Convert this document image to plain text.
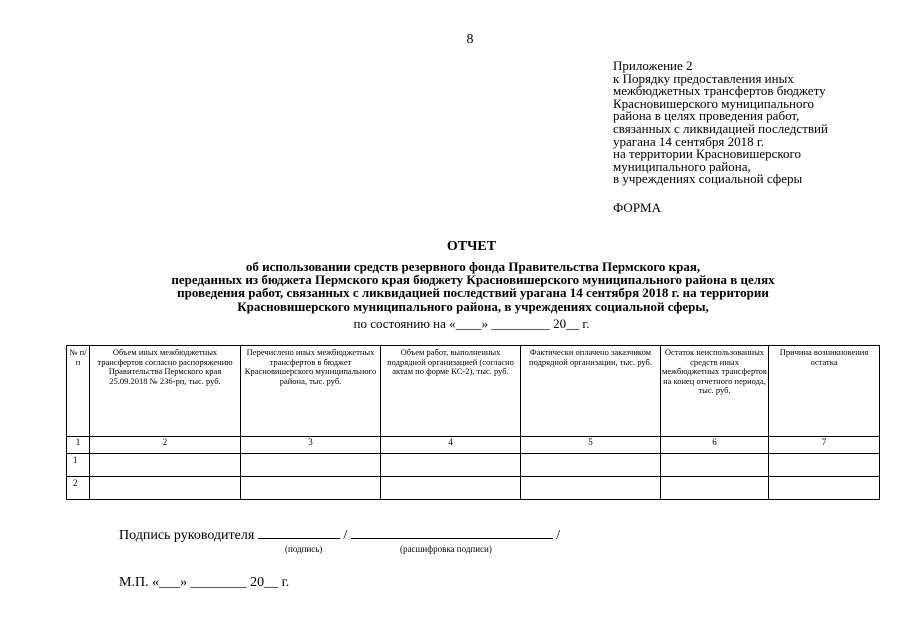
8
Приложение 2
к Порядку предоставления иных
межбюджетных трансфертов бюджету
Красновишерского муниципального
района в целях проведения работ,
связанных с ликвидацией последствий
урагана 14 сентября 2018 г.
на территории Красновишерского
муниципального района,
в учреждениях социальной сферы
ФОРМА
ОТЧЕТ
об использовании средств резервного фонда Правительства Пермского края,
переданных из бюджета Пермского края бюджету Красновишерского муниципального района в целях
проведения работ, связанных с ликвидацией последствий урагана 14 сентября 2018 г. на территории
Красновишерского муниципального района, в учреждениях социальной сферы,
по состоянию на «____» _________ 20__ г.
№ п/п	Объем иных межбюджетных трансфертов согласно распоряжению Правительства Пермского края 25.09.2018 № 236-рп, тыс. руб.	Перечислено иных межбюджетных трансфертов в бюджет Красновишерского муниципального района, тыс. руб.	Объем работ, выполненных подрядной организацией (согласно актам по форме КС-2), тыс. руб.	Фактически оплачено заказчиком подрядной организации, тыс. руб.	Остаток неиспользованных средств иных межбюджетных трансфертов на конец отчетного периода, тыс. руб.	Причина возникновения остатка
1	2	3	4	5	6	7
1						
2						
Подпись руководителя	/	/
(подпись)	(расшифровка подписи)
М.П. «___» ________ 20__ г.
